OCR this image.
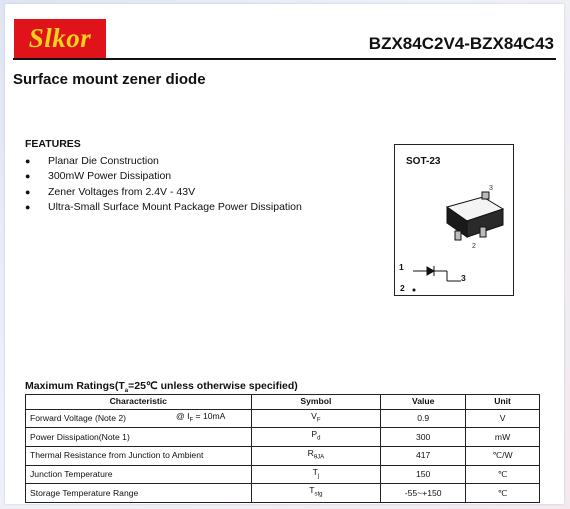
Slkor	BZX84C2V4-BZX84C43
Surface mount zener diode
FEATURES
●	Planar Die Construction
●	300mW Power Dissipation
●	Zener Voltages from 2.4V - 43V
●	Ultra-Small Surface Mount Package Power Dissipation
SOT-23
Maximum $Ratings(T_a=25℃$ unless otherwise specified)
Characteristic	Symbol	Value	Unit
Forward Voltage (Note 2) @ $I_F = 10mA$	$V_F$	0.9	V
Power Dissipation(Note 1)	$P_d$	300	mW
Thermal Resistance from Junction to Ambient	$R_{\theta JA}$	417	℃/W
Junction Temperature	$T_j$	150	℃
Storage Temperature Range	$T_{stg}$	-55~+150	℃
3
2
1
3
2
